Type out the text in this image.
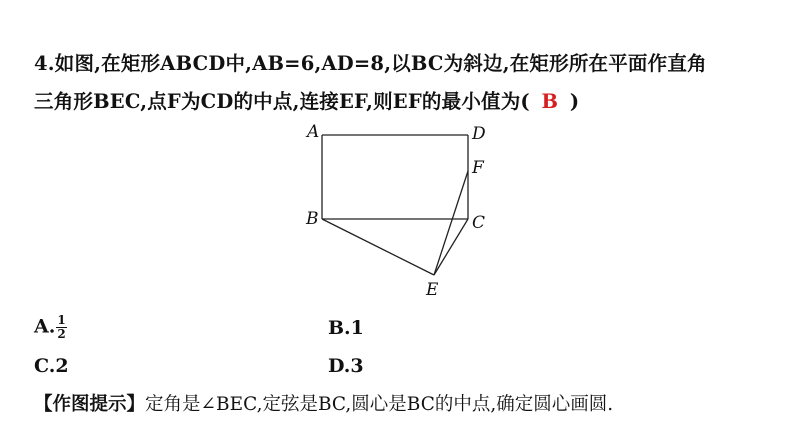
4.如图,在矩形ABCD中,AB=6,AD=8,以BC为斜边,在矩形所在平面作直角
三角形BEC,点F为CD的中点,连接EF,则EF的最小值为( B )
A	D
F
B	C
E
A. $\frac{1}{2}$	B.1
C.2	D.3
【作图提示】定角是∠BEC,定弦是BC,圆心是BC的中点,确定圆心画圆.
